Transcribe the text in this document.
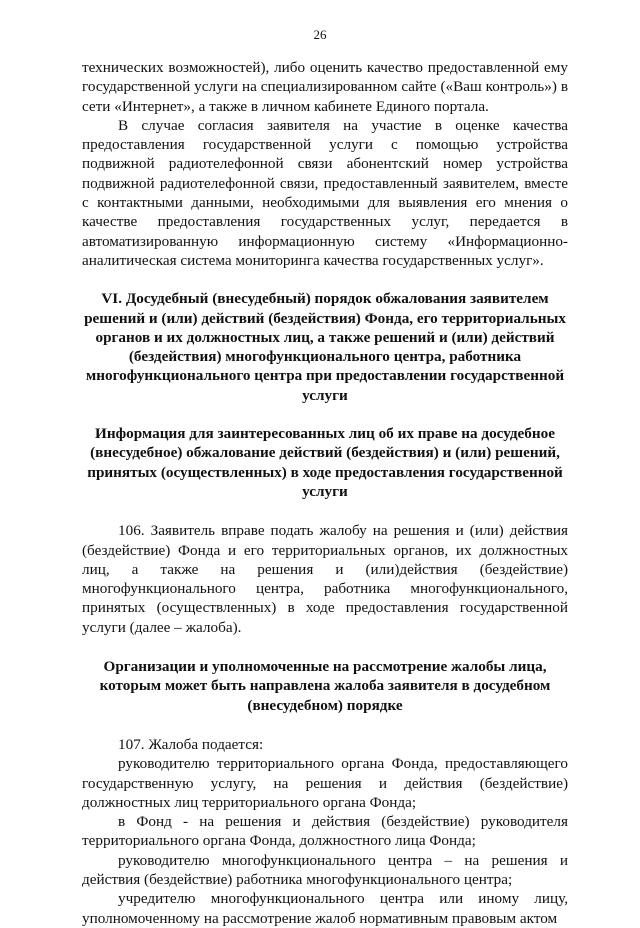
26

технических возможностей), либо оценить качество предоставленной ему государственной услуги на специализированном сайте («Ваш контроль») в сети «Интернет», а также в личном кабинете Единого портала.

В случае согласия заявителя на участие в оценке качества предоставления государственной услуги с помощью устройства подвижной радиотелефонной связи абонентский номер устройства подвижной радиотелефонной связи, предоставленный заявителем, вместе с контактными данными, необходимыми для выявления его мнения о качестве предоставления государственных услуг, передается в автоматизированную информационную систему «Информационно-аналитическая система мониторинга качества государственных услуг».

VI. Досудебный (внесудебный) порядок обжалования заявителем решений и (или) действий (бездействия) Фонда, его территориальных органов и их должностных лиц, а также решений и (или) действий (бездействия) многофункционального центра, работника многофункционального центра при предоставлении государственной услуги
Информация для заинтересованных лиц об их праве на досудебное (внесудебное) обжалование действий (бездействия) и (или) решений, принятых (осуществленных) в ходе предоставления государственной услуги

106. Заявитель вправе подать жалобу на решения и (или) действия (бездействие) Фонда и его территориальных органов, их должностных лиц, а также на решения и (или)действия (бездействие) многофункционального центра, работника многофункционального, принятых (осуществленных) в ходе предоставления государственной услуги (далее – жалоба).

Организации и уполномоченные на рассмотрение жалобы лица, которым может быть направлена жалоба заявителя в досудебном (внесудебном) порядке

107. Жалоба подается:

руководителю территориального органа Фонда, предоставляющего государственную услугу, на решения и действия (бездействие) должностных лиц территориального органа Фонда;

в Фонд - на решения и действия (бездействие) руководителя территориального органа Фонда, должностного лица Фонда;

руководителю многофункционального центра – на решения и действия (бездействие) работника многофункционального центра;

учредителю многофункционального центра или иному лицу, уполномоченному на рассмотрение жалоб нормативным правовым актом
